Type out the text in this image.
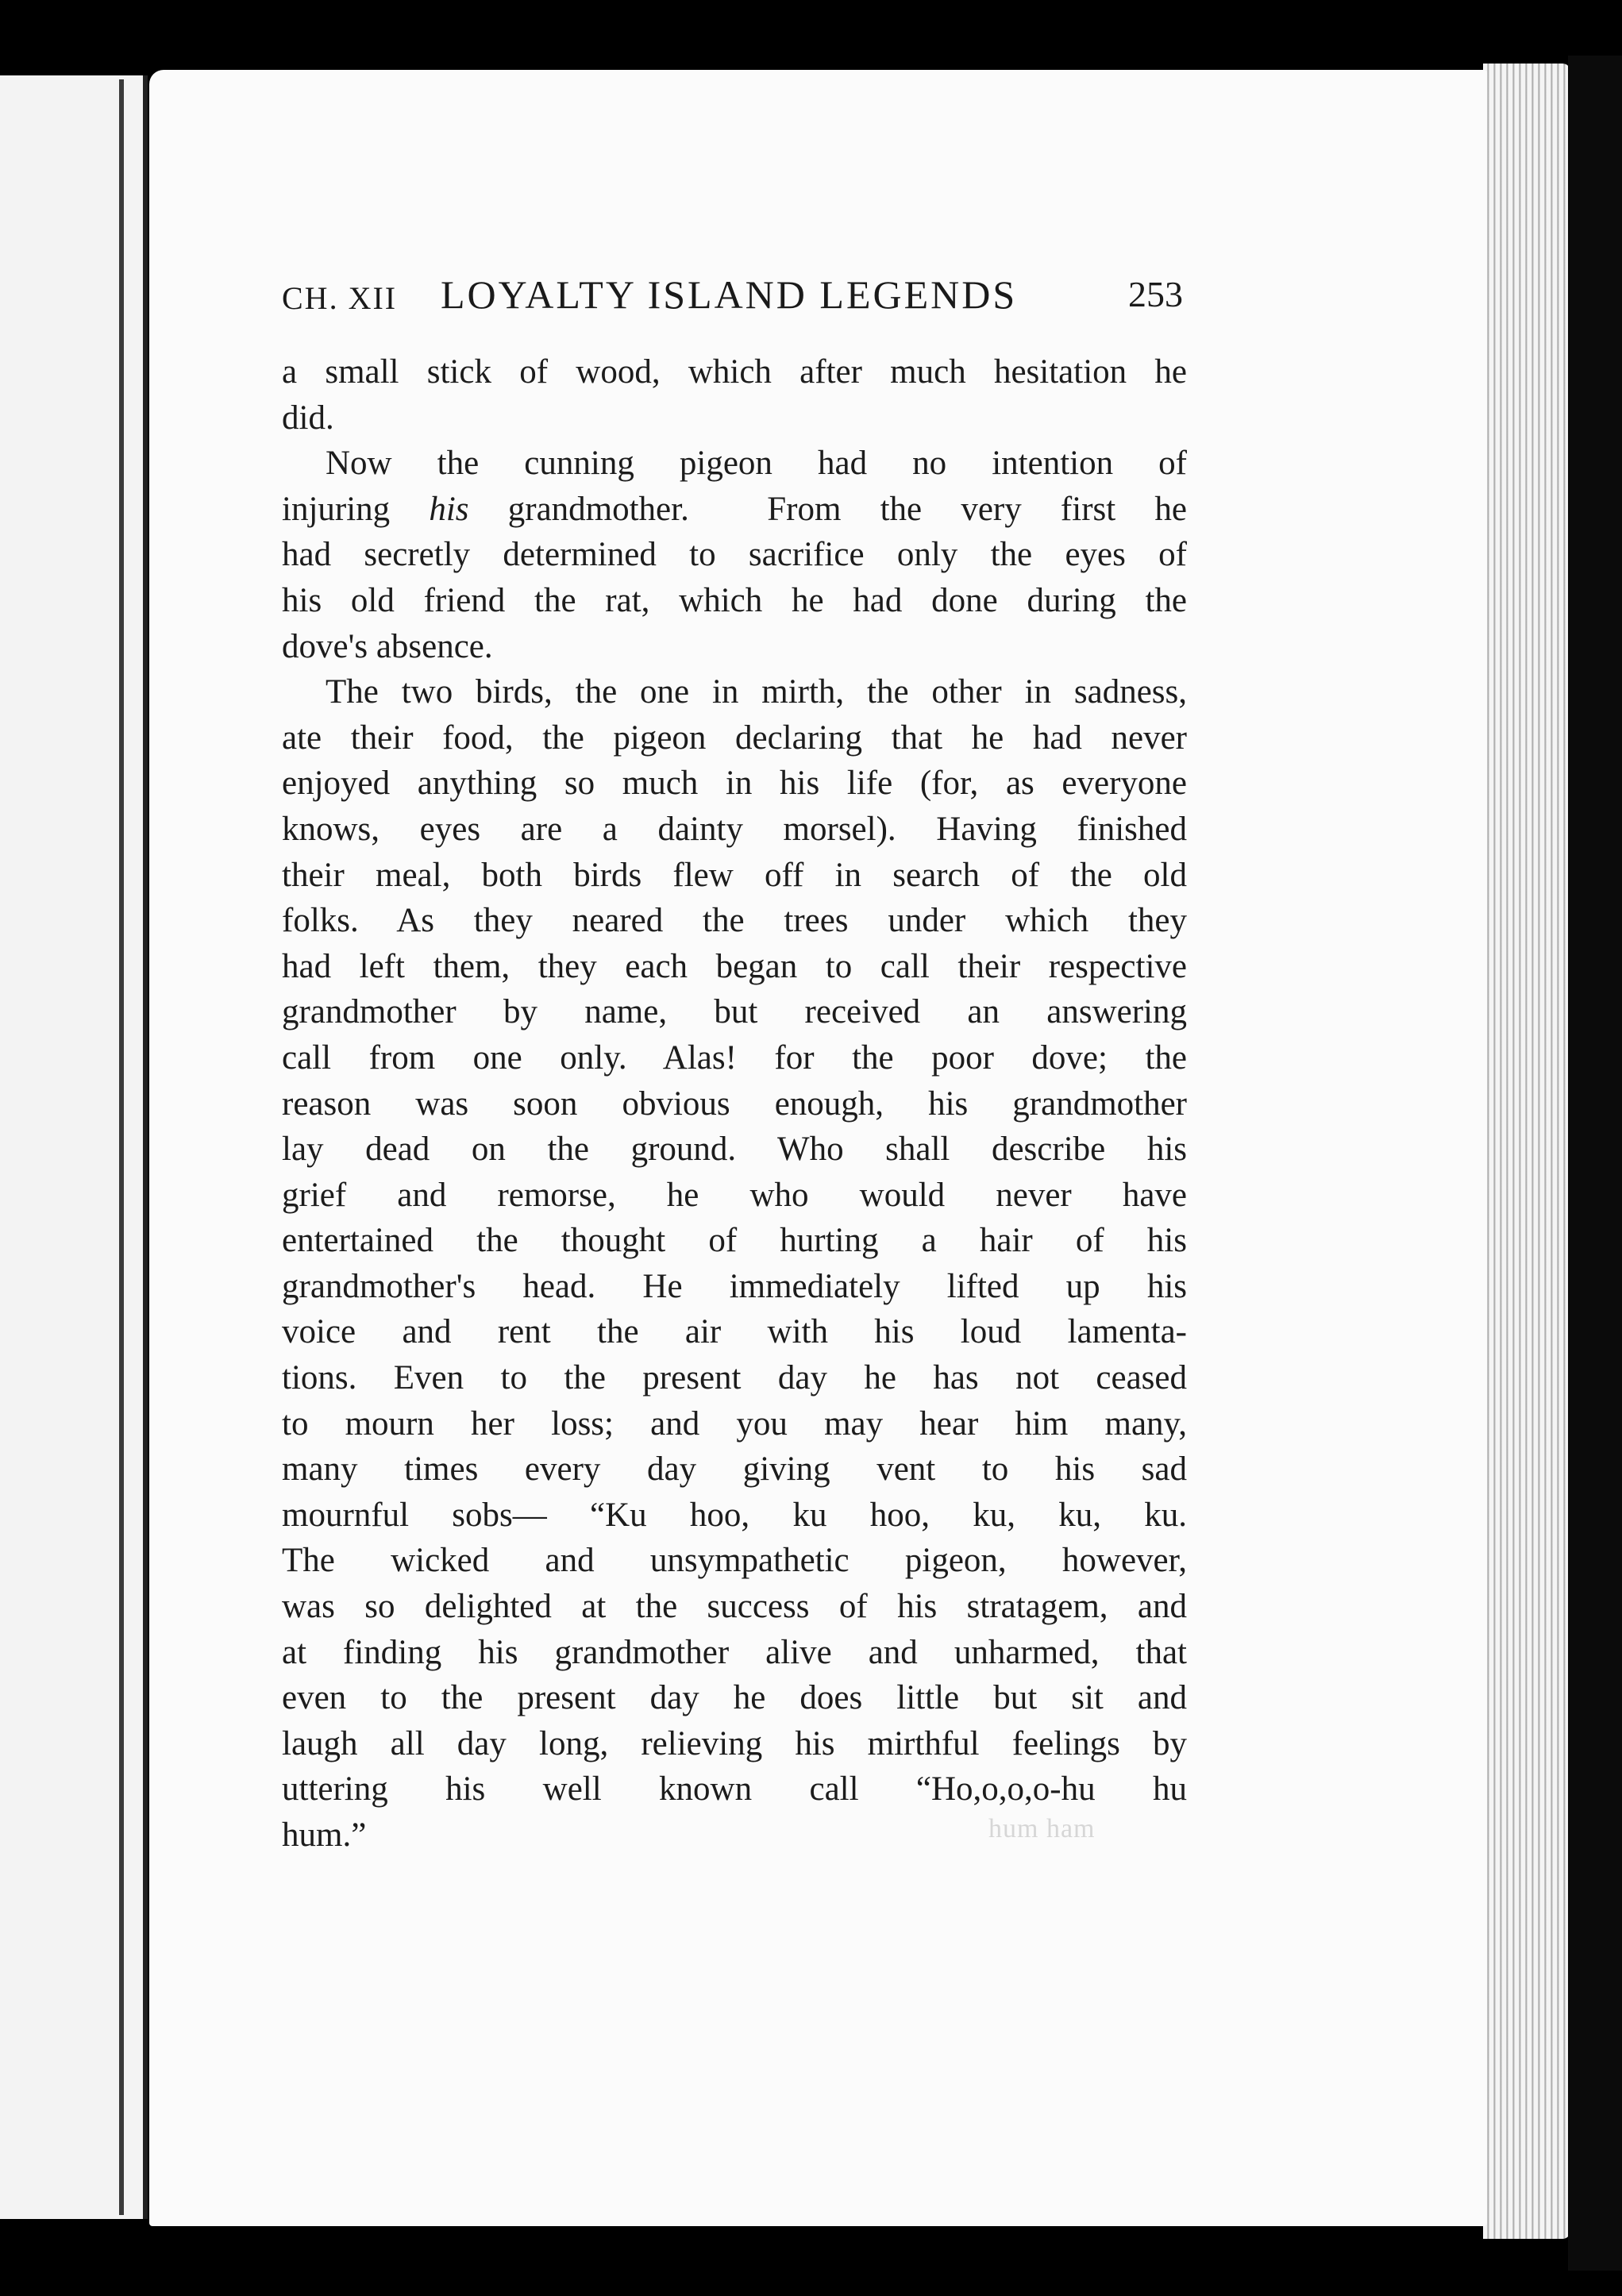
CH. XII LOYALTY ISLAND LEGENDS	253
a small stick of wood, which after much hesitation he
did.
Now the cunning pigeon had no intention of
injuring his grandmother.  From the very first he
had secretly determined to sacrifice only the eyes of
his old friend the rat, which he had done during the
dove's absence.
The two birds, the one in mirth, the other in sadness,
ate their food, the pigeon declaring that he had never
enjoyed anything so much in his life (for, as everyone
knows, eyes are a dainty morsel). Having finished
their meal, both birds flew off in search of the old
folks. As they neared the trees under which they
had left them, they each began to call their respective
grandmother by name, but received an answering
call from one only. Alas! for the poor dove; the
reason was soon obvious enough, his grandmother
lay dead on the ground. Who shall describe his
grief and remorse, he who would never have
entertained the thought of hurting a hair of his
grandmother's head. He immediately lifted up his
voice and rent the air with his loud lamenta-
tions. Even to the present day he has not ceased
to mourn her loss; and you may hear him many,
many times every day giving vent to his sad
mournful sobs— “Ku hoo, ku hoo, ku, ku, ku.
The wicked and unsympathetic pigeon, however,
was so delighted at the success of his stratagem, and
at finding his grandmother alive and unharmed, that
even to the present day he does little but sit and
laugh all day long, relieving his mirthful feelings by
uttering his well known call “Ho,o,o,o-hu hu
hum.”	hum ham
